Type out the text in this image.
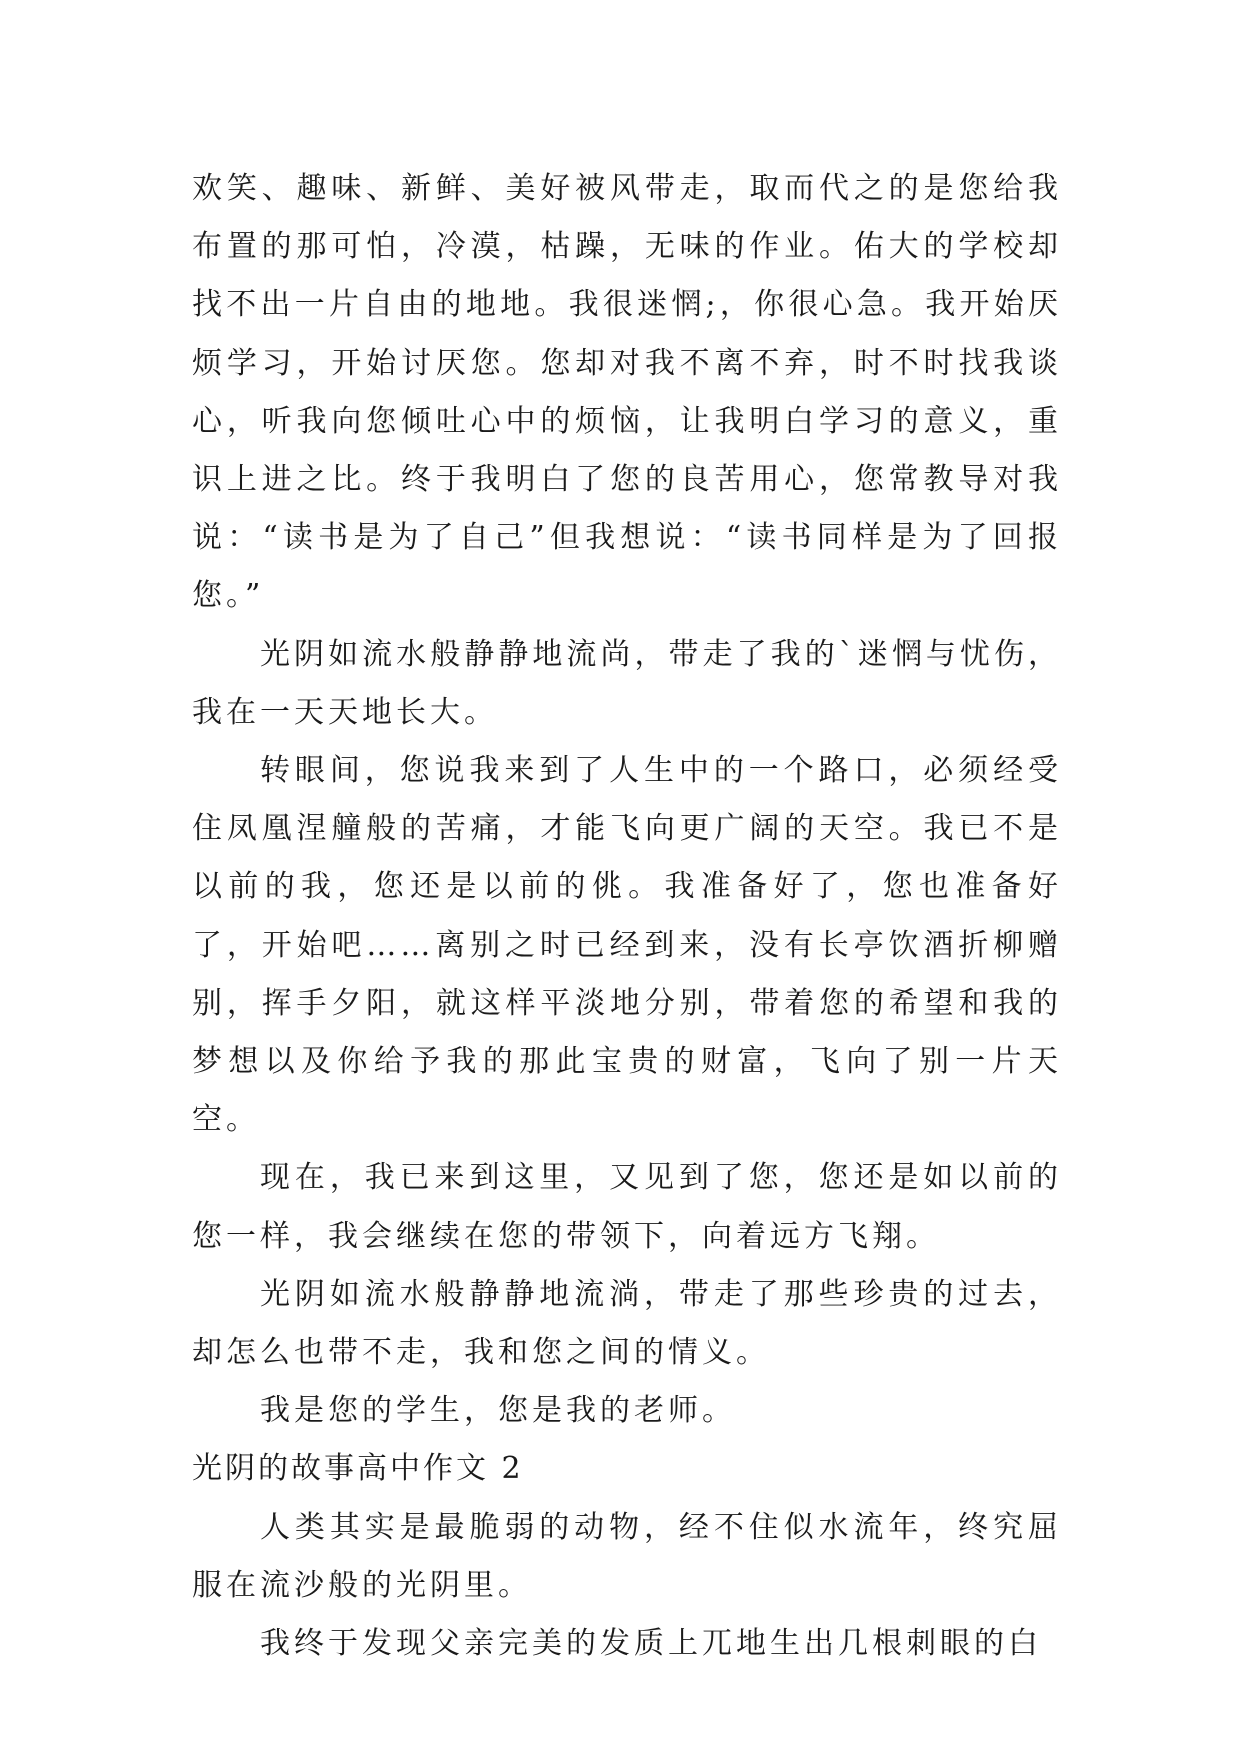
欢笑、趣味、新鲜、美好被风带走，取而代之的是您给我布置的那可怕，冷漠，枯躁，无味的作业。佑大的学校却找不出一片自由的地地。我很迷惘;，你很心急。我开始厌烦学习，开始讨厌您。您却对我不离不弃，时不时找我谈心，听我向您倾吐心中的烦恼，让我明白学习的意义，重识上进之比。终于我明白了您的良苦用心，您常教导对我说：“读书是为了自己”但我想说：“读书同样是为了回报您。”

光阴如流水般静静地流尚，带走了我的`迷惘与忧伤，我在一天天地长大。

转眼间，您说我来到了人生中的一个路口，必须经受住凤凰涅艟般的苦痛，才能飞向更广阔的天空。我已不是以前的我，您还是以前的佻。我准备好了，您也准备好了，开始吧……离别之时已经到来，没有长亭饮酒折柳赠别，挥手夕阳，就这样平淡地分别，带着您的希望和我的梦想以及你给予我的那此宝贵的财富，飞向了别一片天空。

现在，我已来到这里，又见到了您，您还是如以前的您一样，我会继续在您的带领下，向着远方飞翔。

光阴如流水般静静地流淌，带走了那些珍贵的过去，却怎么也带不走，我和您之间的情义。

我是您的学生，您是我的老师。

光阴的故事高中作文 2

人类其实是最脆弱的动物，经不住似水流年，终究屈服在流沙般的光阴里。

我终于发现父亲完美的发质上兀地生出几根刺眼的白
